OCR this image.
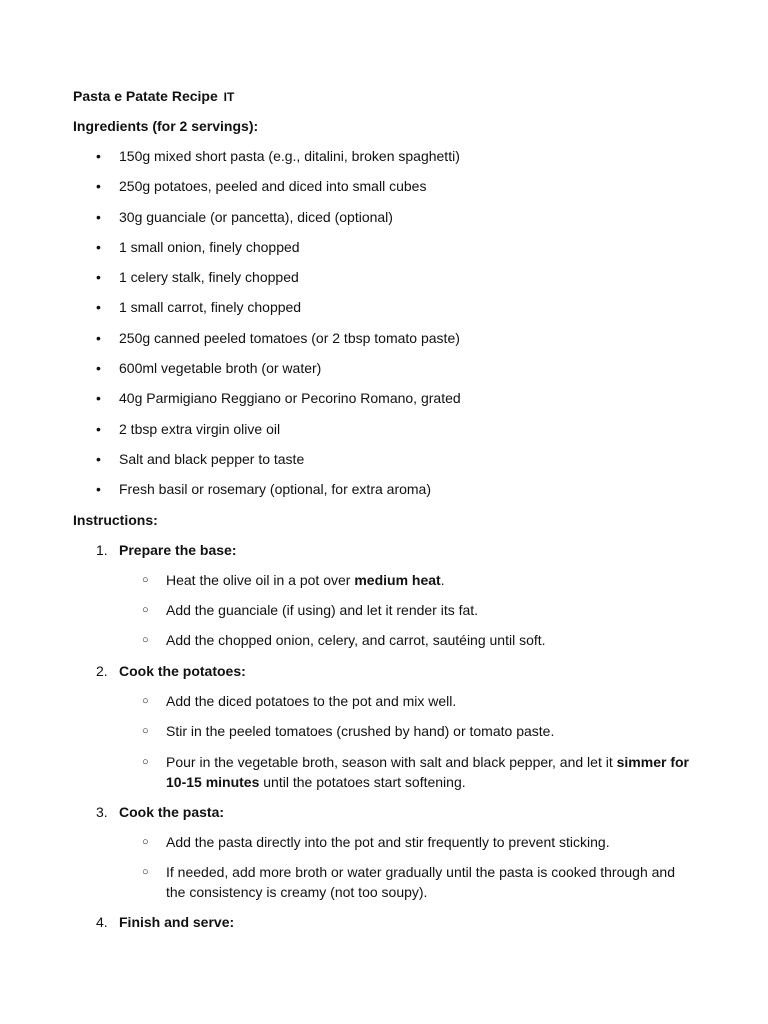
Pasta e Patate Recipe IT

Ingredients (for 2 servings):

• 150g mixed short pasta (e.g., ditalini, broken spaghetti)
• 250g potatoes, peeled and diced into small cubes
• 30g guanciale (or pancetta), diced (optional)
• 1 small onion, finely chopped
• 1 celery stalk, finely chopped
• 1 small carrot, finely chopped
• 250g canned peeled tomatoes (or 2 tbsp tomato paste)
• 600ml vegetable broth (or water)
• 40g Parmigiano Reggiano or Pecorino Romano, grated
• 2 tbsp extra virgin olive oil
• Salt and black pepper to taste
• Fresh basil or rosemary (optional, for extra aroma)

Instructions:

1. Prepare the base:
○ Heat the olive oil in a pot over medium heat.
○ Add the guanciale (if using) and let it render its fat.
○ Add the chopped onion, celery, and carrot, sautéing until soft.
2. Cook the potatoes:
○ Add the diced potatoes to the pot and mix well.
○ Stir in the peeled tomatoes (crushed by hand) or tomato paste.
○ Pour in the vegetable broth, season with salt and black pepper, and let it simmer for 10-15 minutes until the potatoes start softening.
3. Cook the pasta:
○ Add the pasta directly into the pot and stir frequently to prevent sticking.
○ If needed, add more broth or water gradually until the pasta is cooked through and the consistency is creamy (not too soupy).
4. Finish and serve:
